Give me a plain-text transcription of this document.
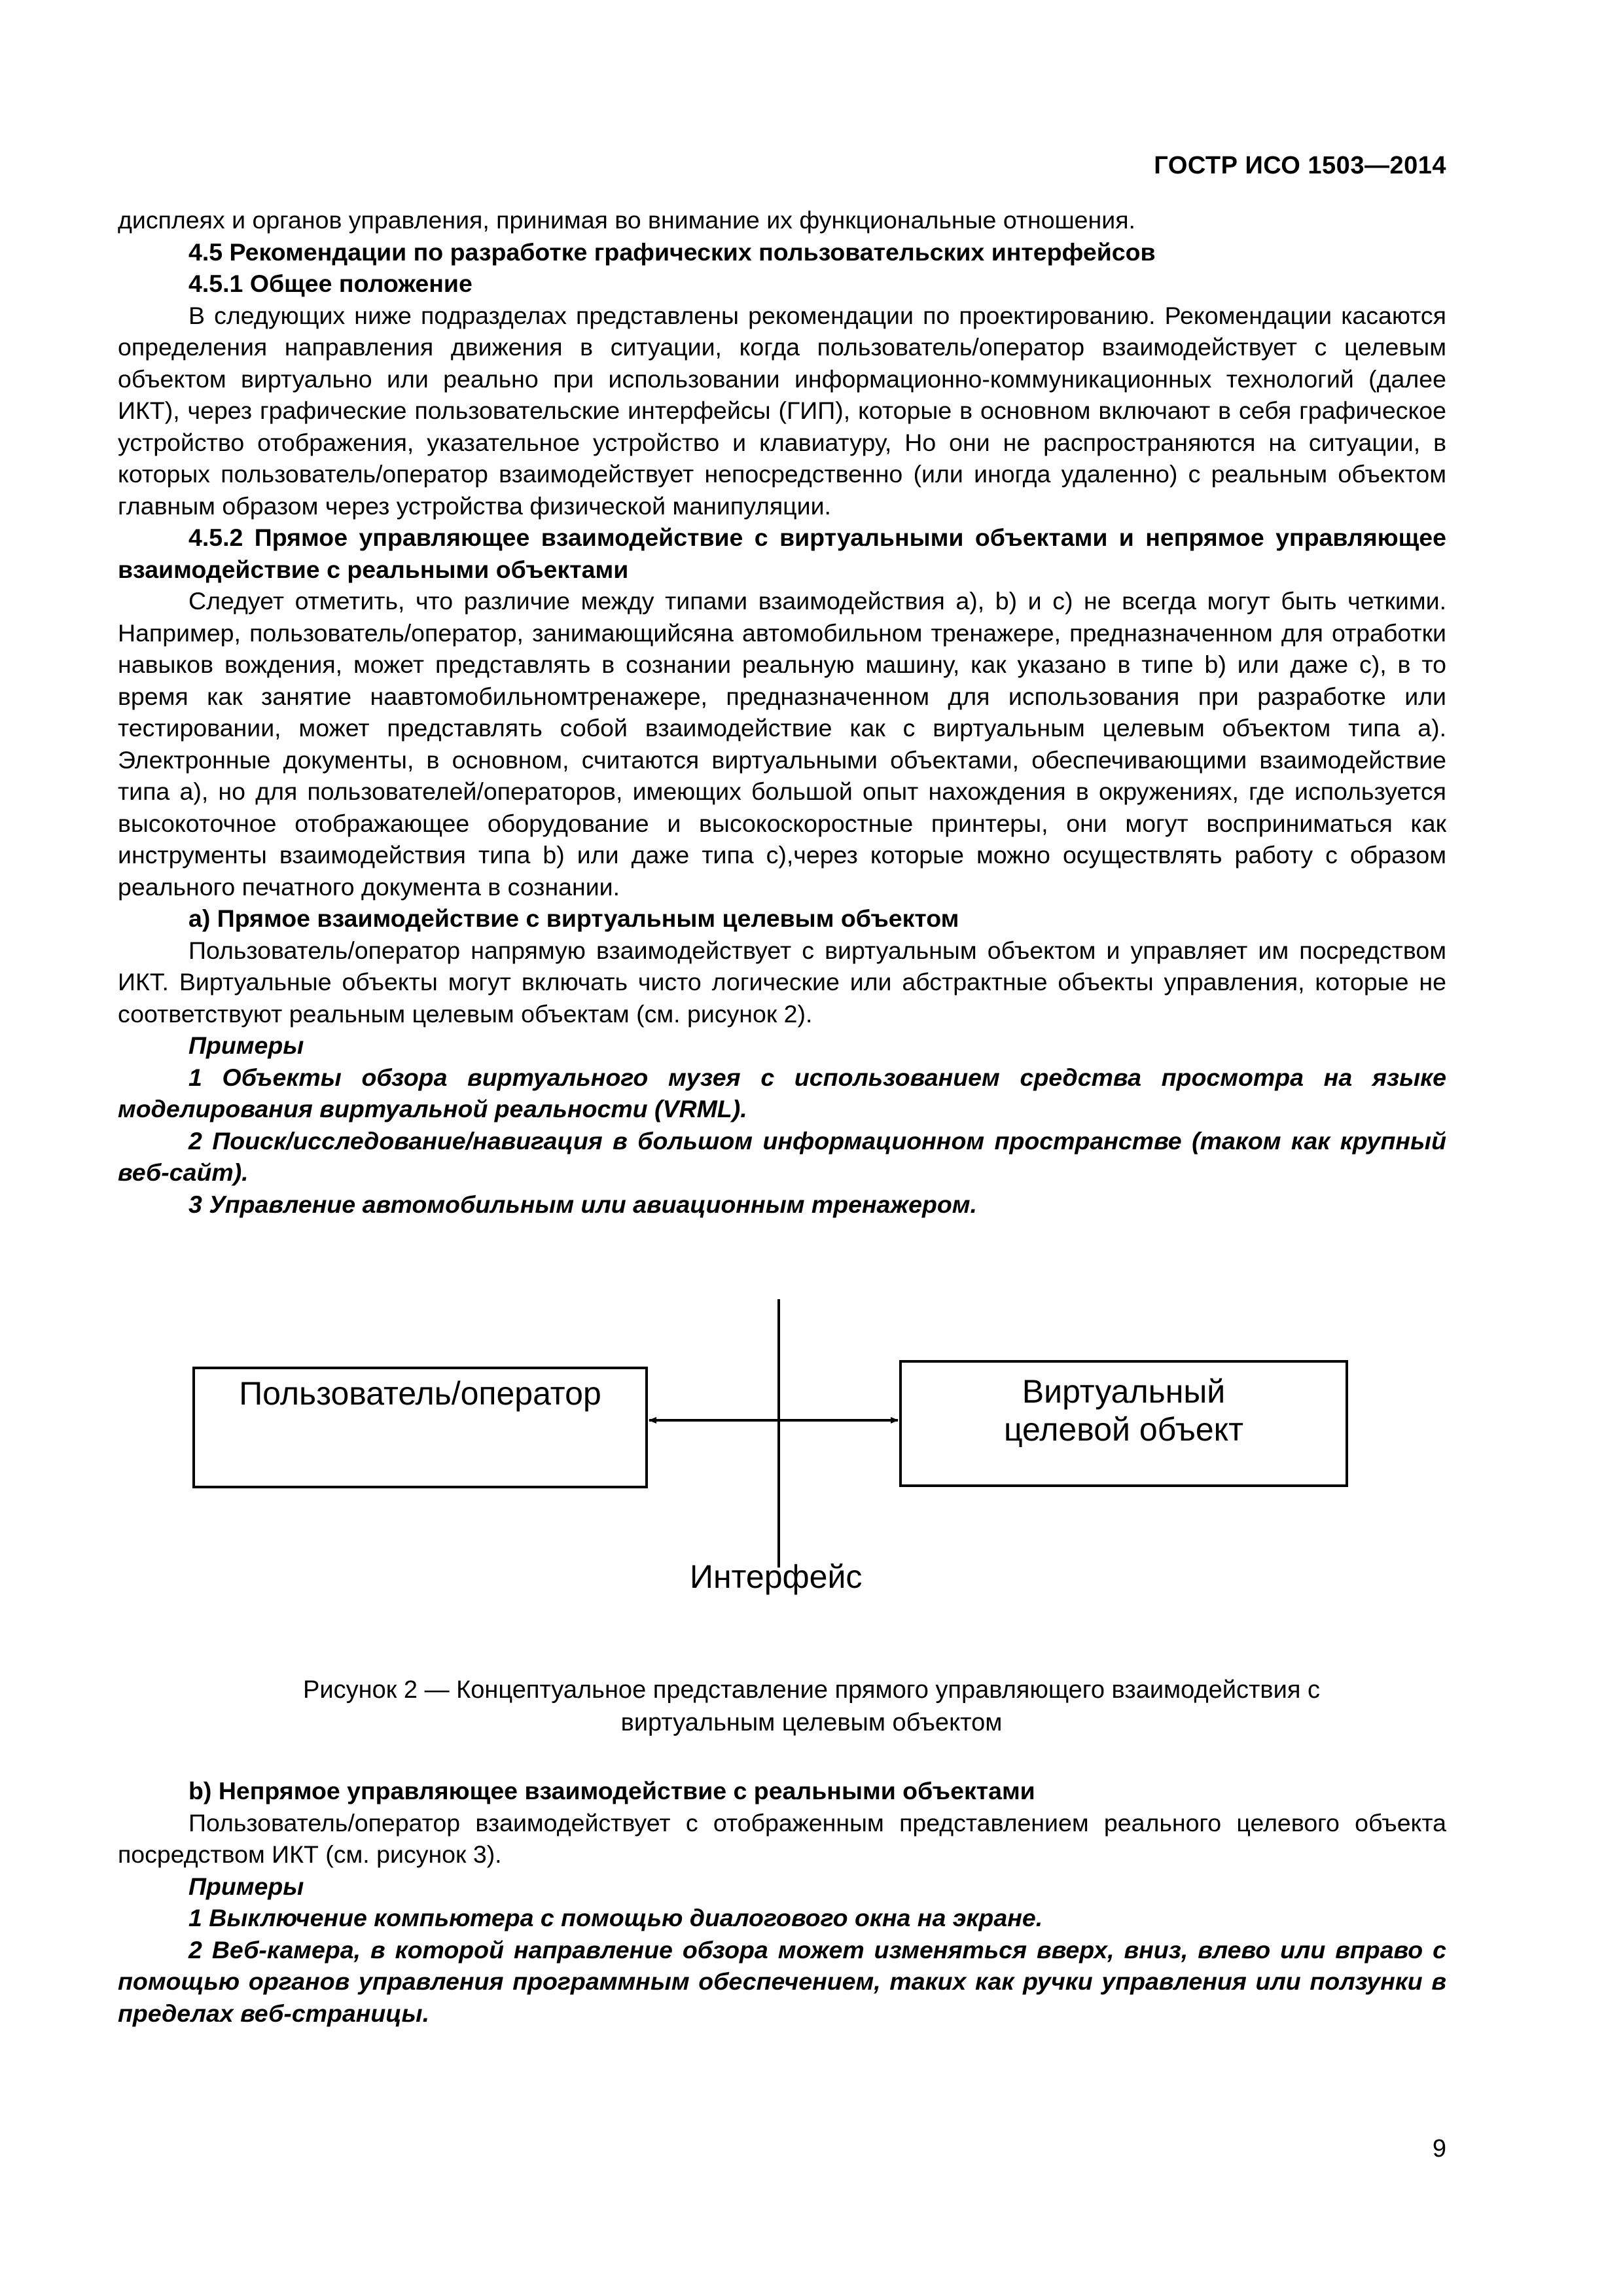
ГОСТР ИСО 1503—2014

дисплеях и органов управления, принимая во внимание их функциональные отношения.

4.5 Рекомендации по разработке графических пользовательских интерфейсов

4.5.1 Общее положение

В следующих ниже подразделах представлены рекомендации по проектированию. Рекомендации касаются определения направления движения в ситуации, когда пользователь/оператор взаимодействует с целевым объектом виртуально или реально при использовании информационно-коммуникационных технологий (далее ИКТ), через графические пользовательские интерфейсы (ГИП), которые в основном включают в себя графическое устройство отображения, указательное устройство и клавиатуру, Но они не распространяются на ситуации, в которых пользователь/оператор взаимодействует непосредственно (или иногда удаленно) с реальным объектом главным образом через устройства физической манипуляции.

4.5.2 Прямое управляющее взаимодействие с виртуальными объектами и непрямое управляющее взаимодействие с реальными объектами

Следует отметить, что различие между типами взаимодействия a), b) и c) не всегда могут быть четкими. Например, пользователь/оператор, занимающийсяна автомобильном тренажере, предназначенном для отработки навыков вождения, может представлять в сознании реальную машину, как указано в типе b) или даже c), в то время как занятие наавтомобильномтренажере, предназначенном для использования при разработке или тестировании, может представлять собой взаимодействие как с виртуальным целевым объектом типа a). Электронные документы, в основном, считаются виртуальными объектами, обеспечивающими взаимодействие типа a), но для пользователей/операторов, имеющих большой опыт нахождения в окружениях, где используется высокоточное отображающее оборудование и высокоскоростные принтеры, они могут восприниматься как инструменты взаимодействия типа b) или даже типа c),через которые можно осуществлять работу с образом реального печатного документа в сознании.

a) Прямое взаимодействие с виртуальным целевым объектом

Пользователь/оператор напрямую взаимодействует с виртуальным объектом и управляет им посредством ИКТ. Виртуальные объекты могут включать чисто логические или абстрактные объекты управления, которые не соответствуют реальным целевым объектам (см. рисунок 2).

Примеры

1 Объекты обзора виртуального музея с использованием средства просмотра на языке моделирования виртуальной реальности (VRML).

2 Поиск/исследование/навигация в большом информационном пространстве (таком как крупный веб-сайт).

3 Управление автомобильным или авиационным тренажером.

Пользователь/оператор	Виртуальный
целевой объект
Интерфейс
Рисунок 2 — Концептуальное представление прямого управляющего взаимодействия с
виртуальным целевым объектом

b) Непрямое управляющее взаимодействие с реальными объектами

Пользователь/оператор взаимодействует с отображенным представлением реального целевого объекта посредством ИКТ (см. рисунок 3).

Примеры

1 Выключение компьютера с помощью диалогового окна на экране.

2 Веб-камера, в которой направление обзора может изменяться вверх, вниз, влево или вправо с помощью органов управления программным обеспечением, таких как ручки управления или ползунки в пределах веб-страницы.

9
